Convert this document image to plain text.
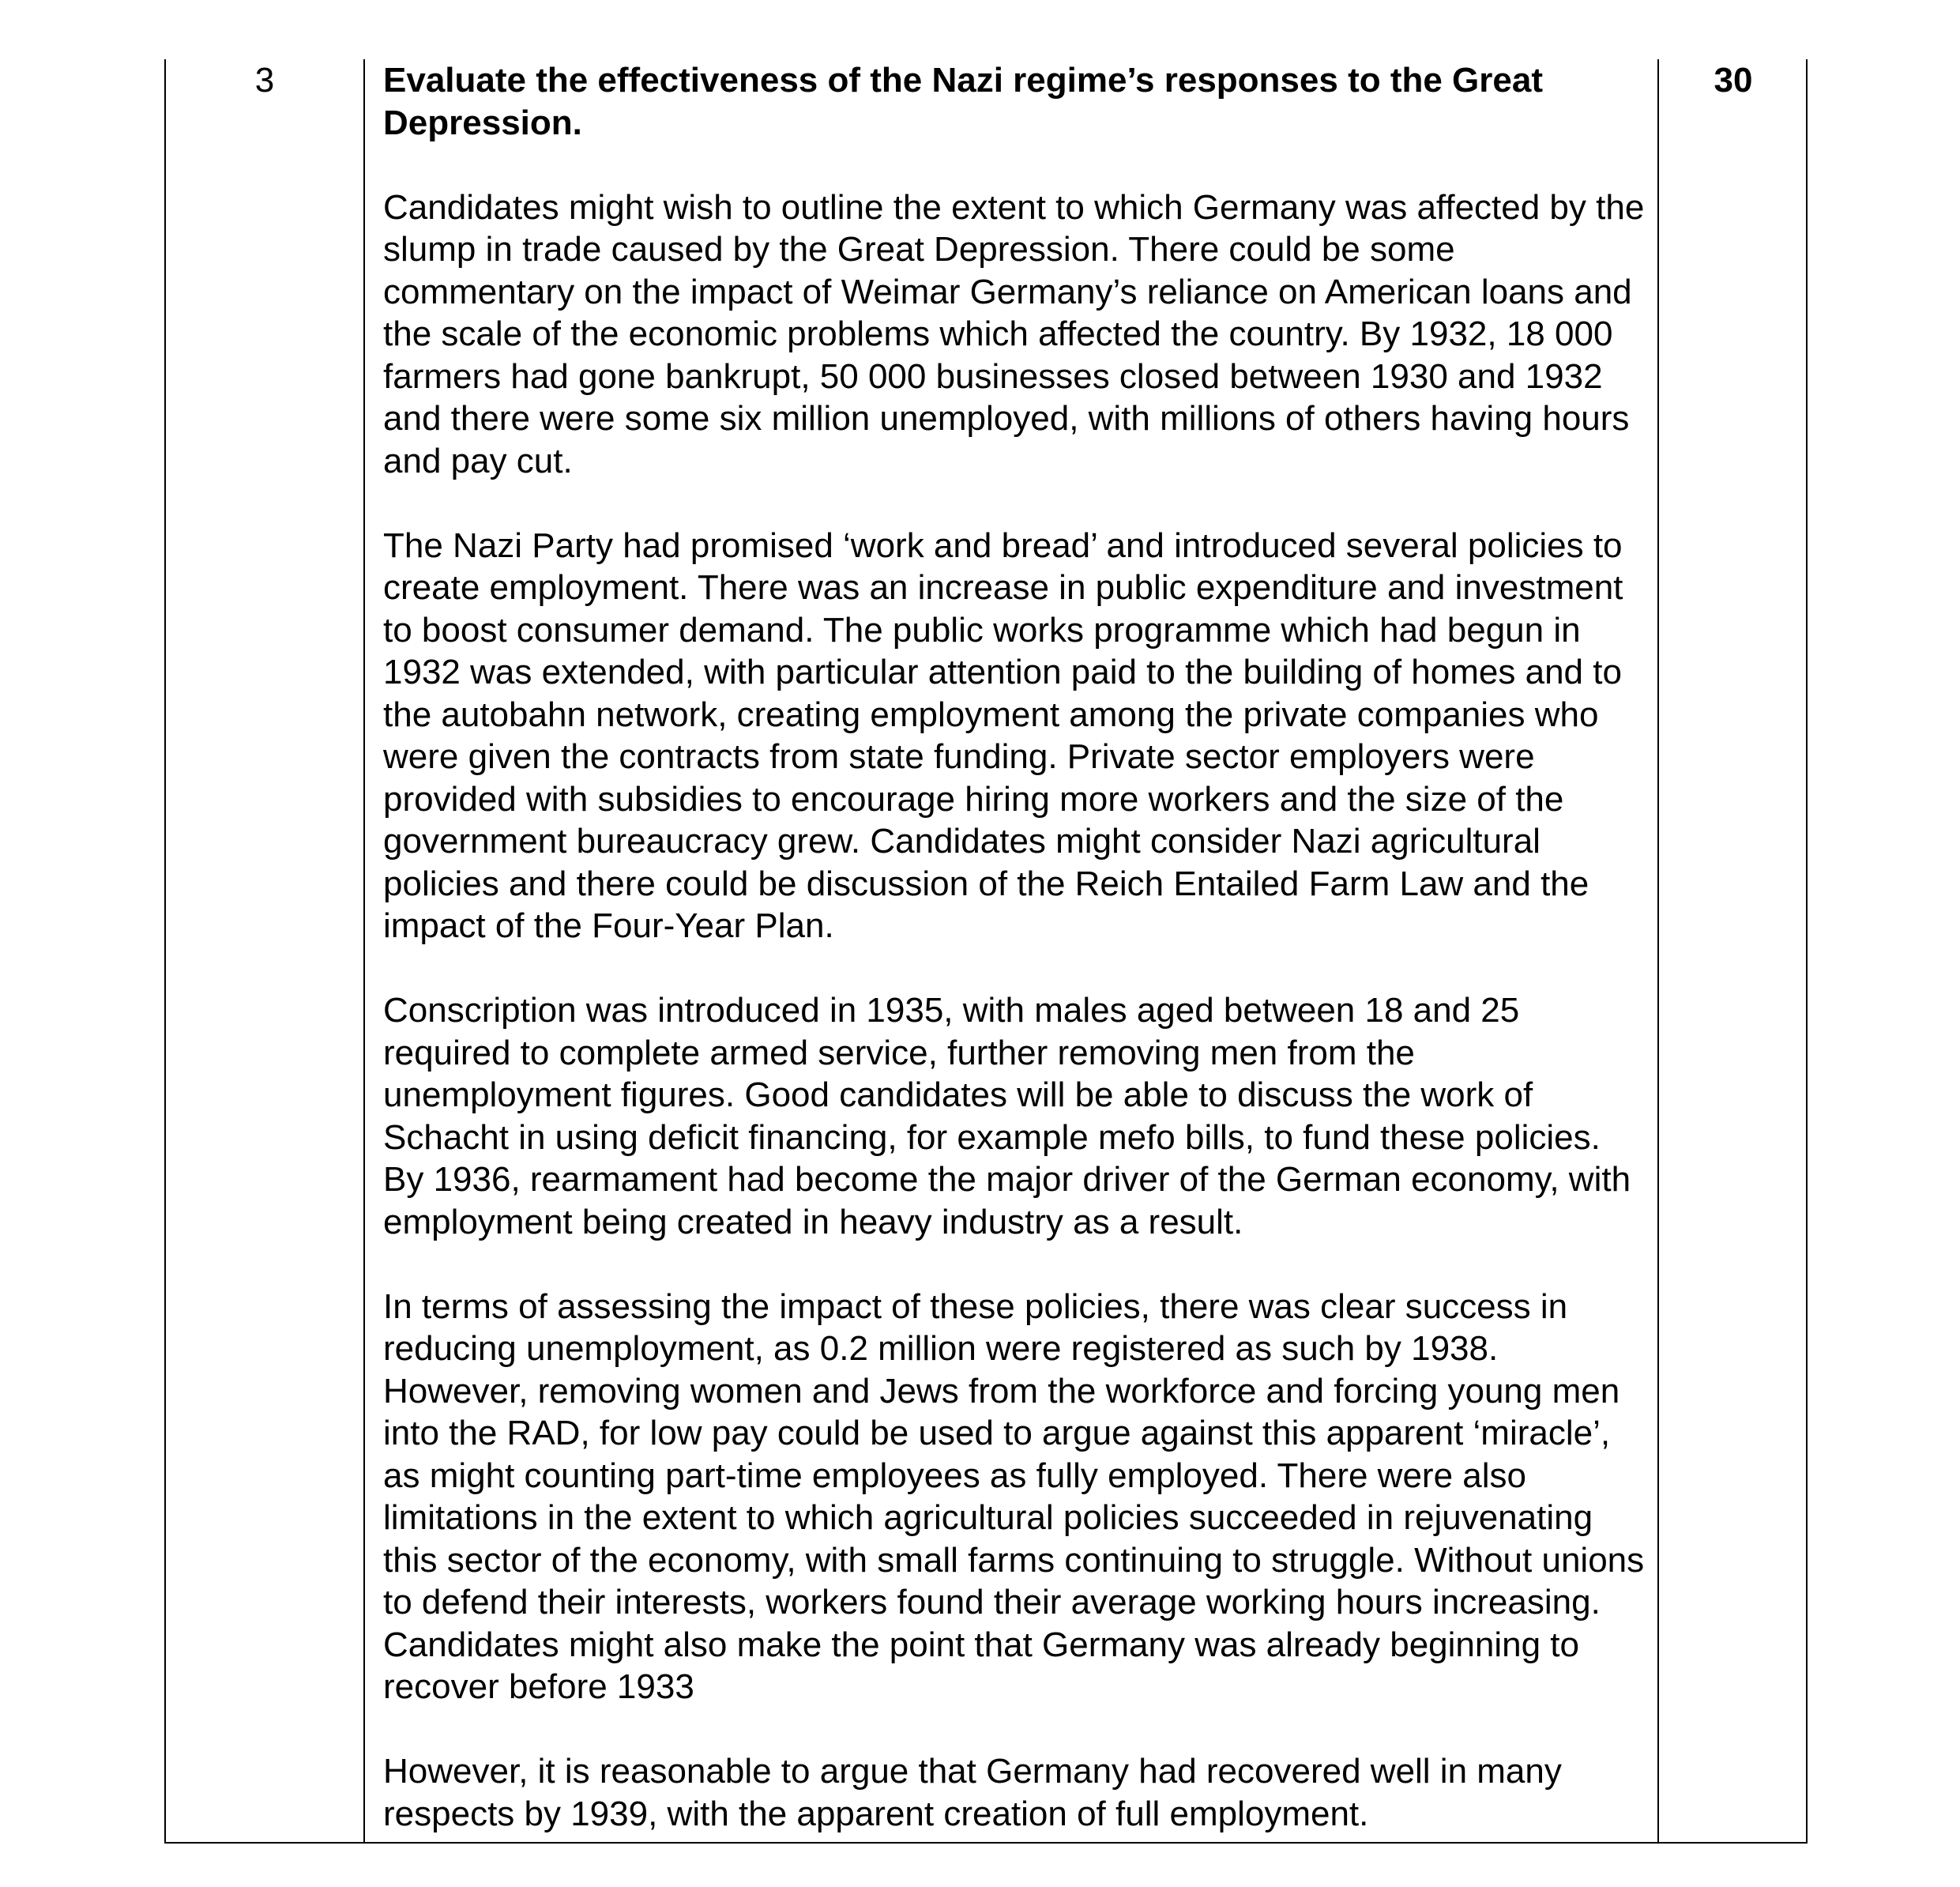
3	Evaluate the effectiveness of the Nazi regime’s responses to the Great Depression.

Candidates might wish to outline the extent to which Germany was affected by the slump in trade caused by the Great Depression. There could be some commentary on the impact of Weimar Germany’s reliance on American loans and the scale of the economic problems which affected the country. By 1932, 18 000 farmers had gone bankrupt, 50 000 businesses closed between 1930 and 1932 and there were some six million unemployed, with millions of others having hours and pay cut.

The Nazi Party had promised ‘work and bread’ and introduced several policies to create employment. There was an increase in public expenditure and investment to boost consumer demand. The public works programme which had begun in 1932 was extended, with particular attention paid to the building of homes and to the autobahn network, creating employment among the private companies who were given the contracts from state funding. Private sector employers were provided with subsidies to encourage hiring more workers and the size of the government bureaucracy grew. Candidates might consider Nazi agricultural policies and there could be discussion of the Reich Entailed Farm Law and the impact of the Four-Year Plan.

Conscription was introduced in 1935, with males aged between 18 and 25 required to complete armed service, further removing men from the unemployment figures. Good candidates will be able to discuss the work of Schacht in using deficit financing, for example mefo bills, to fund these policies. By 1936, rearmament had become the major driver of the German economy, with employment being created in heavy industry as a result.

In terms of assessing the impact of these policies, there was clear success in reducing unemployment, as 0.2 million were registered as such by 1938. However, removing women and Jews from the workforce and forcing young men into the RAD, for low pay could be used to argue against this apparent ‘miracle’, as might counting part-time employees as fully employed. There were also limitations in the extent to which agricultural policies succeeded in rejuvenating this sector of the economy, with small farms continuing to struggle. Without unions to defend their interests, workers found their average working hours increasing. Candidates might also make the point that Germany was already beginning to recover before 1933

However, it is reasonable to argue that Germany had recovered well in many respects by 1939, with the apparent creation of full employment.

30
